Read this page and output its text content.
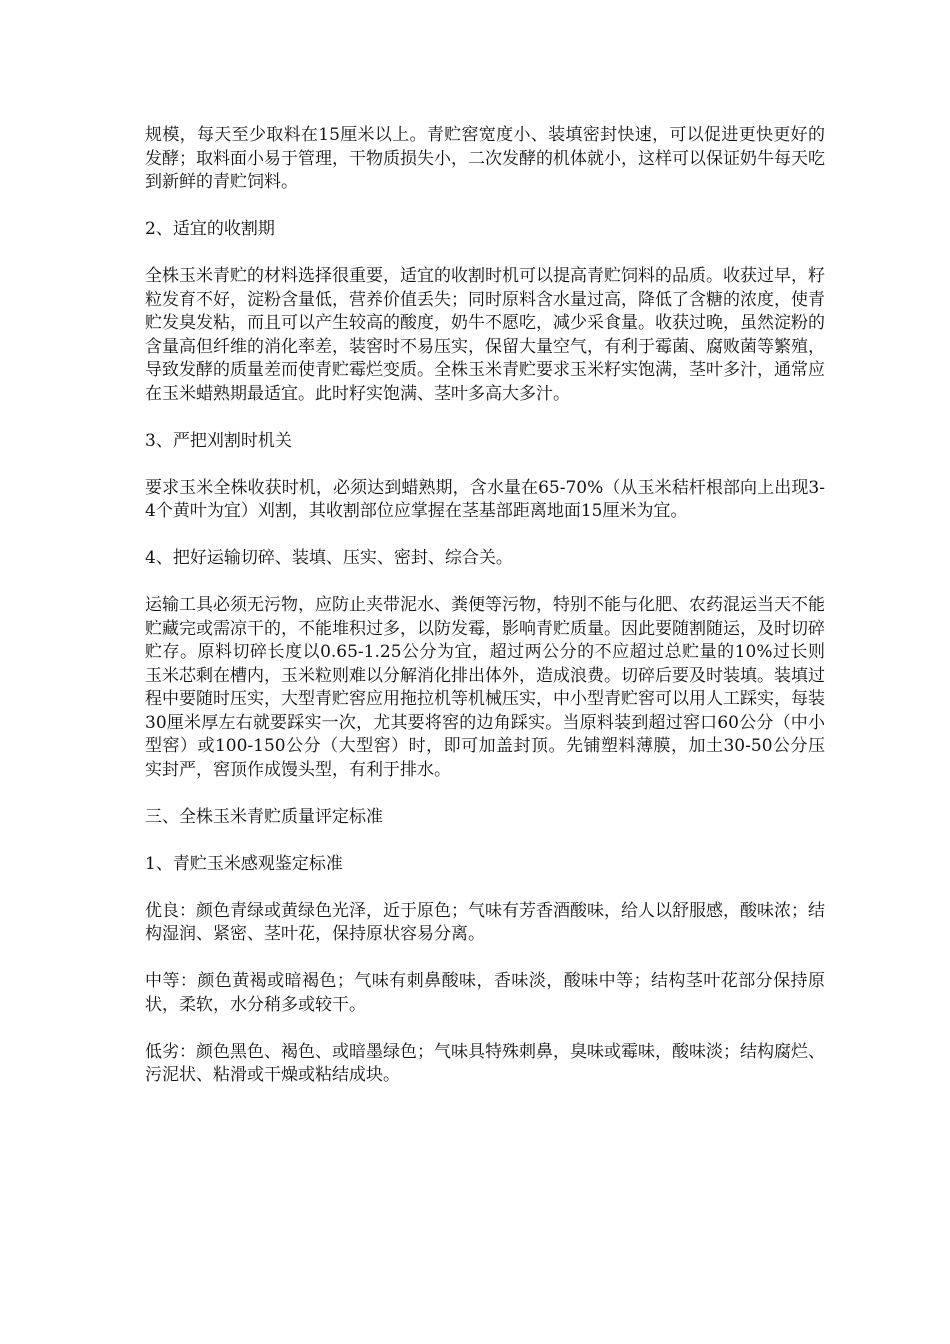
规模，每天至少取料在15厘米以上。青贮窖宽度小、装填密封快速，可以促进更快更好的发酵；取料面小易于管理，干物质损失小，二次发酵的机体就小，这样可以保证奶牛每天吃到新鲜的青贮饲料。

2、适宜的收割期

全株玉米青贮的材料选择很重要，适宜的收割时机可以提高青贮饲料的品质。收获过早，籽粒发育不好，淀粉含量低，营养价值丢失；同时原料含水量过高，降低了含糖的浓度，使青贮发臭发粘，而且可以产生较高的酸度，奶牛不愿吃，减少采食量。收获过晚，虽然淀粉的含量高但纤维的消化率差，装窖时不易压实，保留大量空气，有利于霉菌、腐败菌等繁殖，导致发酵的质量差而使青贮霉烂变质。全株玉米青贮要求玉米籽实饱满，茎叶多汁，通常应在玉米蜡熟期最适宜。此时籽实饱满、茎叶多高大多汁。

3、严把刈割时机关

要求玉米全株收获时机，必须达到蜡熟期，含水量在65-70%（从玉米秸杆根部向上出现3-4个黄叶为宜）刈割，其收割部位应掌握在茎基部距离地面15厘米为宜。

4、把好运输切碎、装填、压实、密封、综合关。

运输工具必须无污物，应防止夹带泥水、粪便等污物，特别不能与化肥、农药混运当天不能贮藏完或需凉干的，不能堆积过多，以防发霉，影响青贮质量。因此要随割随运，及时切碎贮存。原料切碎长度以0.65-1.25公分为宜，超过两公分的不应超过总贮量的10%过长则玉米芯剩在槽内，玉米粒则难以分解消化排出体外，造成浪费。切碎后要及时装填。装填过程中要随时压实，大型青贮窖应用拖拉机等机械压实，中小型青贮窖可以用人工踩实，每装30厘米厚左右就要踩实一次，尤其要将窖的边角踩实。当原料装到超过窖口60公分（中小型窖）或100-150公分（大型窖）时，即可加盖封顶。先铺塑料薄膜，加土30-50公分压实封严，窖顶作成馒头型，有利于排水。

三、全株玉米青贮质量评定标准

1、青贮玉米感观鉴定标准

优良：颜色青绿或黄绿色光泽，近于原色；气味有芳香酒酸味，给人以舒服感，酸味浓；结构湿润、紧密、茎叶花，保持原状容易分离。

中等：颜色黄褐或暗褐色；气味有刺鼻酸味，香味淡，酸味中等；结构茎叶花部分保持原状，柔软，水分稍多或较干。

低劣：颜色黑色、褐色、或暗墨绿色；气味具特殊刺鼻，臭味或霉味，酸味淡；结构腐烂、污泥状、粘滑或干燥或粘结成块。
